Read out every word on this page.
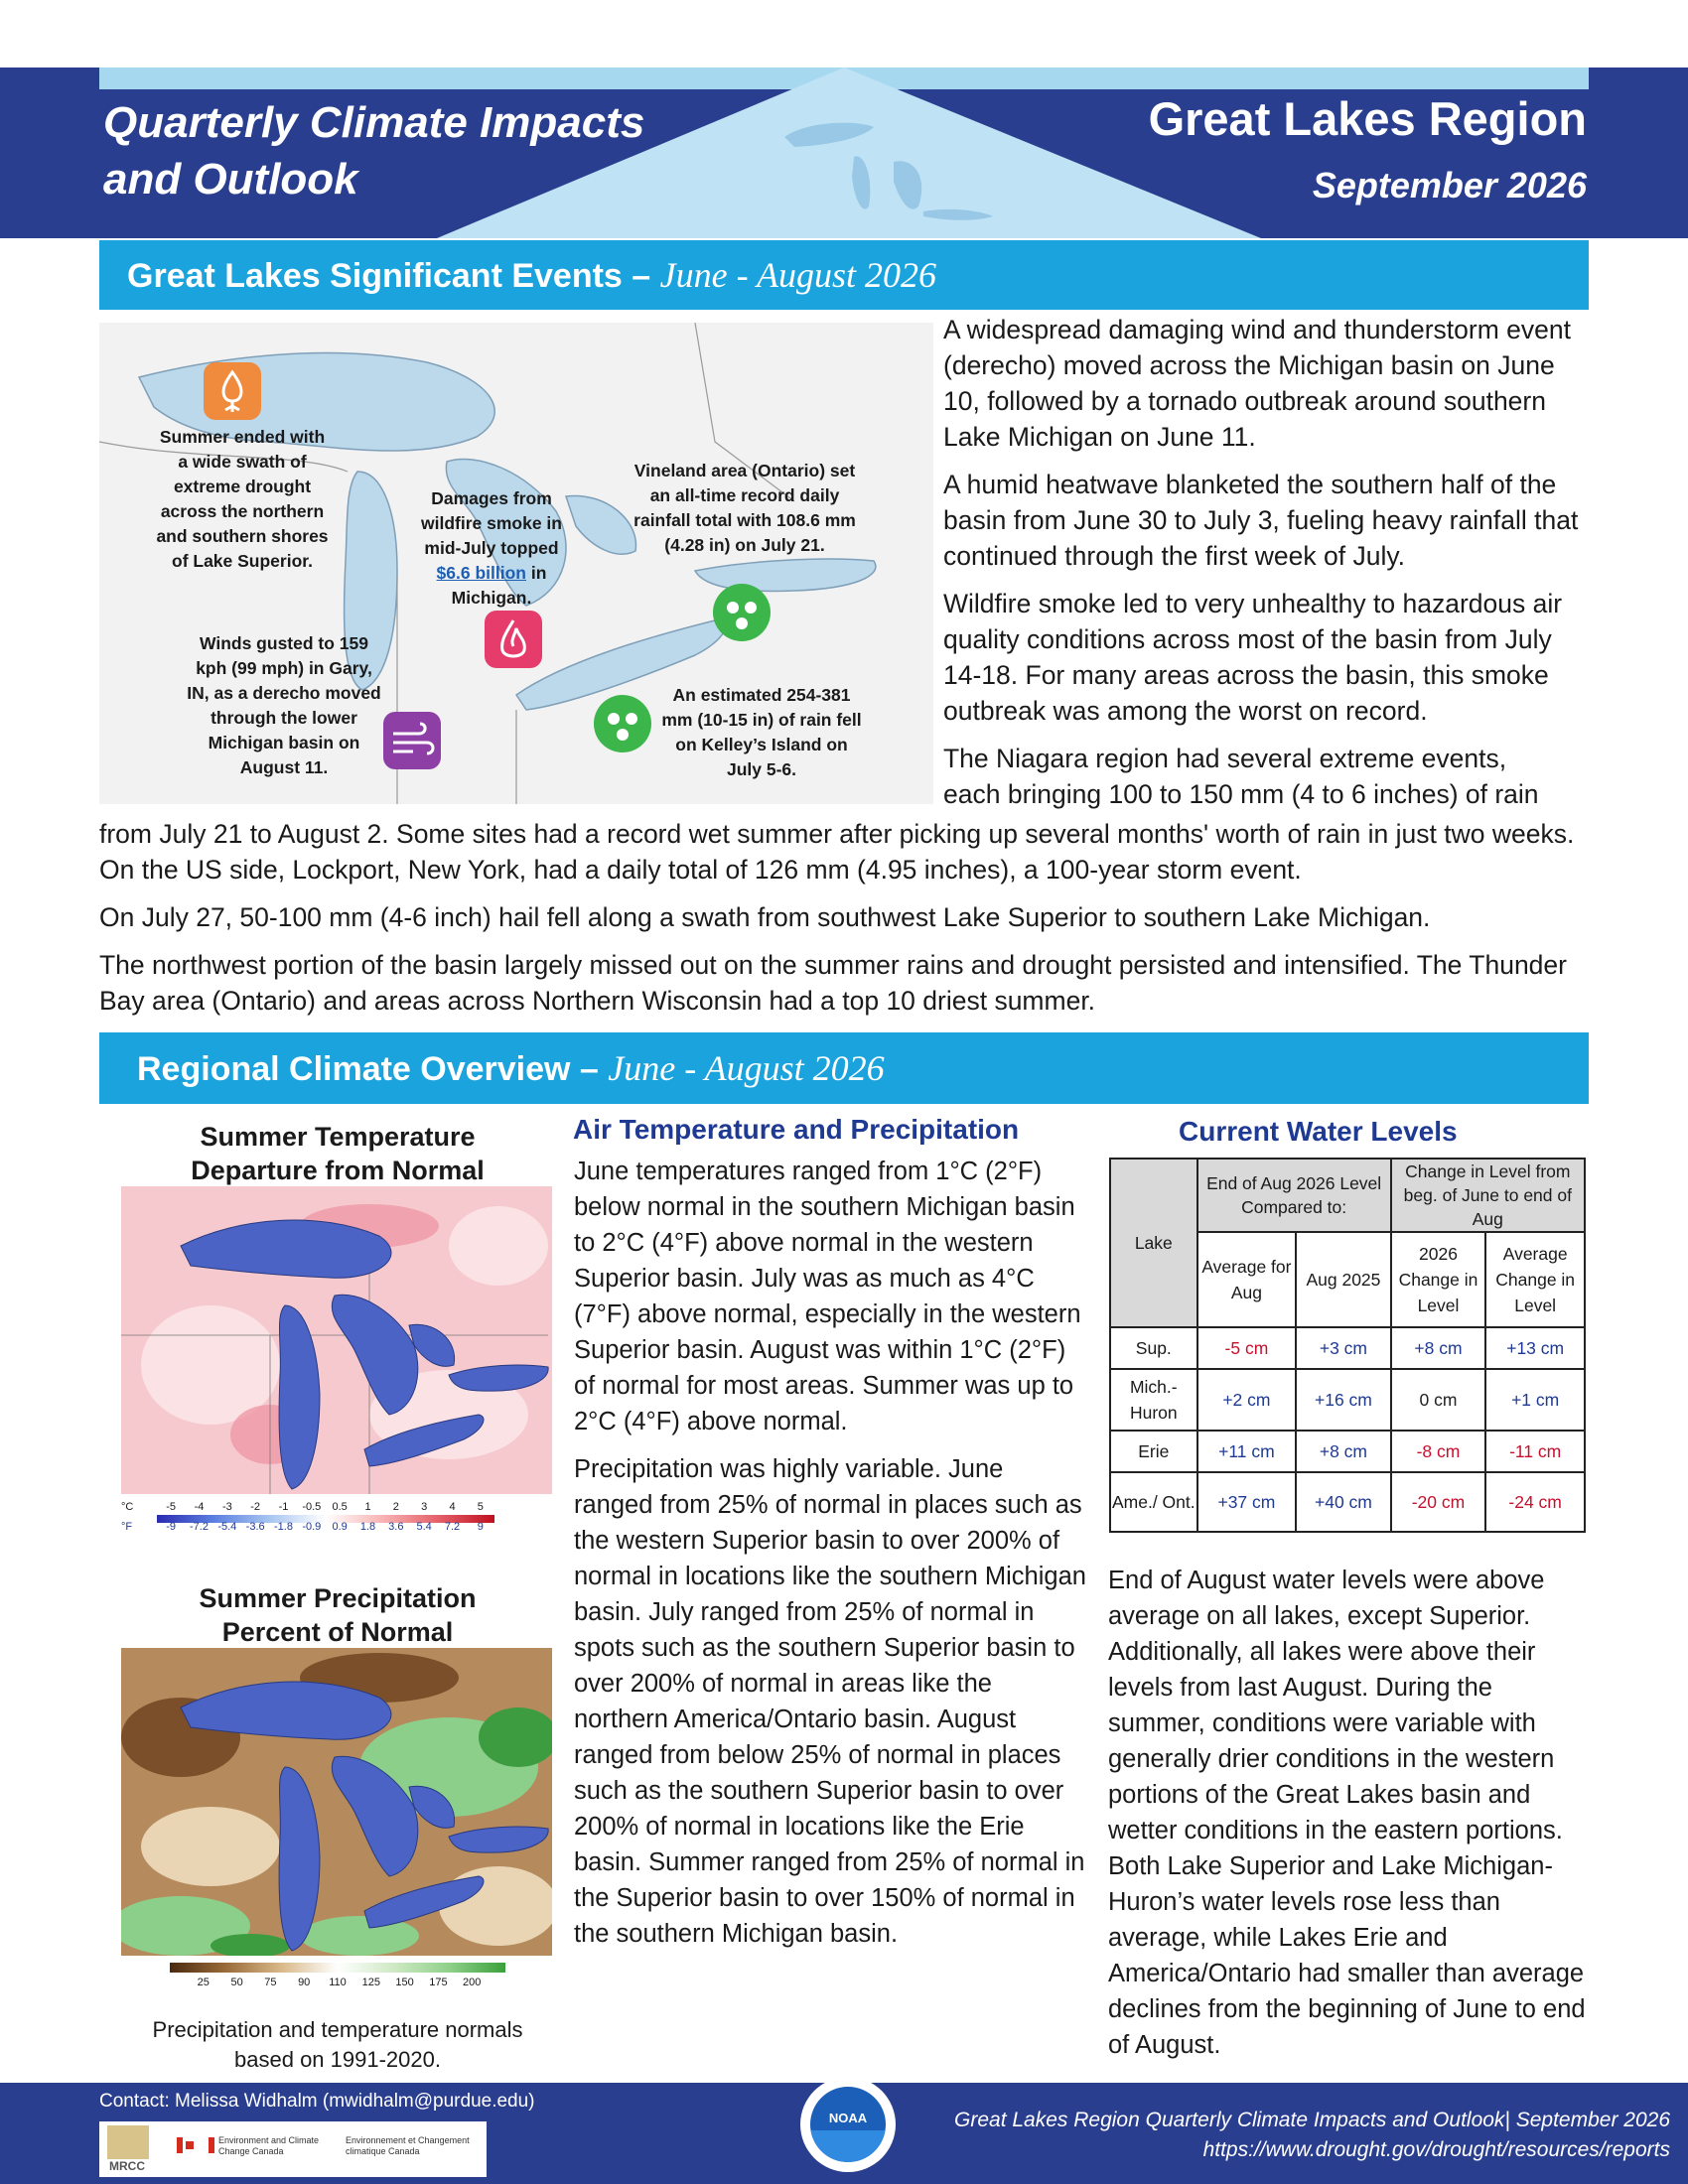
Quarterly Climate Impacts
and Outlook
Great Lakes Region
September 2026
Great Lakes Significant Events – June - August 2026
Summer ended with a wide swath of extreme drought across the northern and southern shores of Lake Superior.
Damages from wildfire smoke in mid-July topped $6.6 billion in Michigan.
Vineland area (Ontario) set an all-time record daily rainfall total with 108.6 mm (4.28 in) on July 21.
Winds gusted to 159 kph (99 mph) in Gary, IN, as a derecho moved through the lower Michigan basin on August 11.
An estimated 254-381 mm (10-15 in) of rain fell on Kelley’s Island on July 5-6.

A widespread damaging wind and thunderstorm event (derecho) moved across the Michigan basin on June 10, followed by a tornado outbreak around southern Lake Michigan on June 11.

A humid heatwave blanketed the southern half of the basin from June 30 to July 3, fueling heavy rainfall that continued through the first week of July.

Wildfire smoke led to very unhealthy to hazardous air quality conditions across most of the basin from July 14-18. For many areas across the basin, this smoke outbreak was among the worst on record.

The Niagara region had several extreme events,
each bringing 100 to 150 mm (4 to 6 inches) of rain

from July 21 to August 2. Some sites had a record wet summer after picking up several months' worth of rain in just two weeks. On the US side, Lockport, New York, had a daily total of 126 mm (4.95 inches), a 100-year storm event.

On July 27, 50-100 mm (4-6 inch) hail fell along a swath from southwest Lake Superior to southern Lake Michigan.

The northwest portion of the basin largely missed out on the summer rains and drought persisted and intensified. The Thunder Bay area (Ontario) and areas across Northern Wisconsin had a top 10 driest summer.

Regional Climate Overview – June - August 2026
Summer Temperature
Departure from Normal
°C
°F
-5
-9
-4
-7.2
-3
-5.4
-2
-3.6
-1
-1.8
-0.5
-0.9
0.5
0.9
1
1.8
2
3.6
3
5.4
4
7.2
5
9
Summer Precipitation
Percent of Normal
25	50	75	90	110	125	150	175	200
Precipitation and temperature normals
based on 1991-2020.
Air Temperature and Precipitation

June temperatures ranged from 1°C (2°F) below normal in the southern Michigan basin to 2°C (4°F) above normal in the western Superior basin. July was as much as 4°C (7°F) above normal, especially in the western Superior basin. August was within 1°C (2°F) of normal for most areas. Summer was up to 2°C (4°F) above normal.

Precipitation was highly variable. June ranged from 25% of normal in places such as the western Superior basin to over 200% of normal in locations like the southern Michigan basin. July ranged from 25% of normal in spots such as the southern Superior basin to over 200% of normal in areas like the northern America/Ontario basin. August ranged from below 25% of normal in places such as the southern Superior basin to over 200% of normal in locations like the Erie basin. Summer ranged from 25% of normal in the Superior basin to over 150% of normal in the southern Michigan basin.

Current Water Levels
Lake	End of Aug 2026 Level Compared to:		Change in Level from beg. of June to end of Aug	
	Average for Aug	Aug 2025	2026 Change in Level	Average Change in Level
Sup.	-5 cm	+3 cm	+8 cm	+13 cm
Mich.-Huron	+2 cm	+16 cm	0 cm	+1 cm
Erie	+11 cm	+8 cm	-8 cm	-11 cm
Ame./ Ont.	+37 cm	+40 cm	-20 cm	-24 cm
End of August water levels were above average on all lakes, except Superior. Additionally, all lakes were above their levels from last August. During the summer, conditions were variable with generally drier conditions in the western portions of the Great Lakes basin and wetter conditions in the eastern portions. Both Lake Superior and Lake Michigan-Huron’s water levels rose less than average, while Lakes Erie and America/Ontario had smaller than average declines from the beginning of June to end of August.
Contact: Melissa Widhalm (mwidhalm@purdue.edu)
MRCC
Environment and Climate Change Canada
Environnement et Changement climatique Canada
NOAA	Great Lakes Region Quarterly Climate Impacts and Outlook| September 2026
https://www.drought.gov/drought/resources/reports
